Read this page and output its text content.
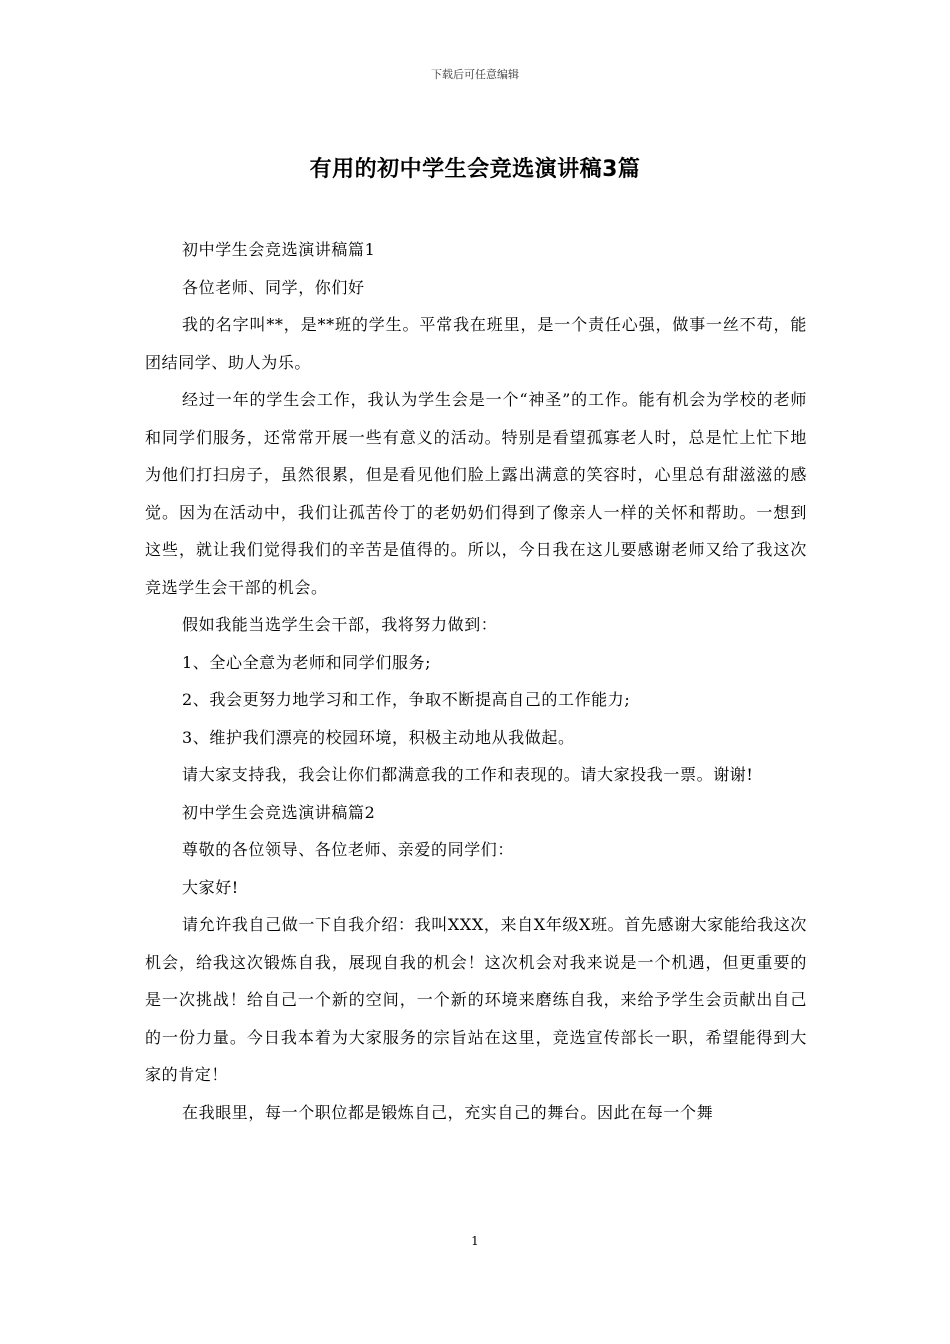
下载后可任意编辑
有用的初中学生会竞选演讲稿3篇

初中学生会竞选演讲稿篇1

各位老师、同学，你们好

我的名字叫**，是**班的学生。平常我在班里，是一个责任心强，做事一丝不苟，能团结同学、助人为乐。

经过一年的学生会工作，我认为学生会是一个“神圣”的工作。能有机会为学校的老师和同学们服务，还常常开展一些有意义的活动。特别是看望孤寡老人时，总是忙上忙下地为他们打扫房子，虽然很累，但是看见他们脸上露出满意的笑容时，心里总有甜滋滋的感觉。因为在活动中，我们让孤苦伶丁的老奶奶们得到了像亲人一样的关怀和帮助。一想到这些，就让我们觉得我们的辛苦是值得的。所以，今日我在这儿要感谢老师又给了我这次竞选学生会干部的机会。

假如我能当选学生会干部，我将努力做到：

1、全心全意为老师和同学们服务;

2、我会更努力地学习和工作，争取不断提高自己的工作能力;

3、维护我们漂亮的校园环境，积极主动地从我做起。

请大家支持我，我会让你们都满意我的工作和表现的。请大家投我一票。谢谢!

初中学生会竞选演讲稿篇2

尊敬的各位领导、各位老师、亲爱的同学们：

大家好!

请允许我自己做一下自我介绍：我叫XXX，来自X年级X班。首先感谢大家能给我这次机会，给我这次锻炼自我，展现自我的机会！这次机会对我来说是一个机遇，但更重要的是一次挑战！给自己一个新的空间，一个新的环境来磨练自我，来给予学生会贡献出自己的一份力量。今日我本着为大家服务的宗旨站在这里，竞选宣传部长一职，希望能得到大家的肯定！

在我眼里，每一个职位都是锻炼自己，充实自己的舞台。因此在每一个舞

1
